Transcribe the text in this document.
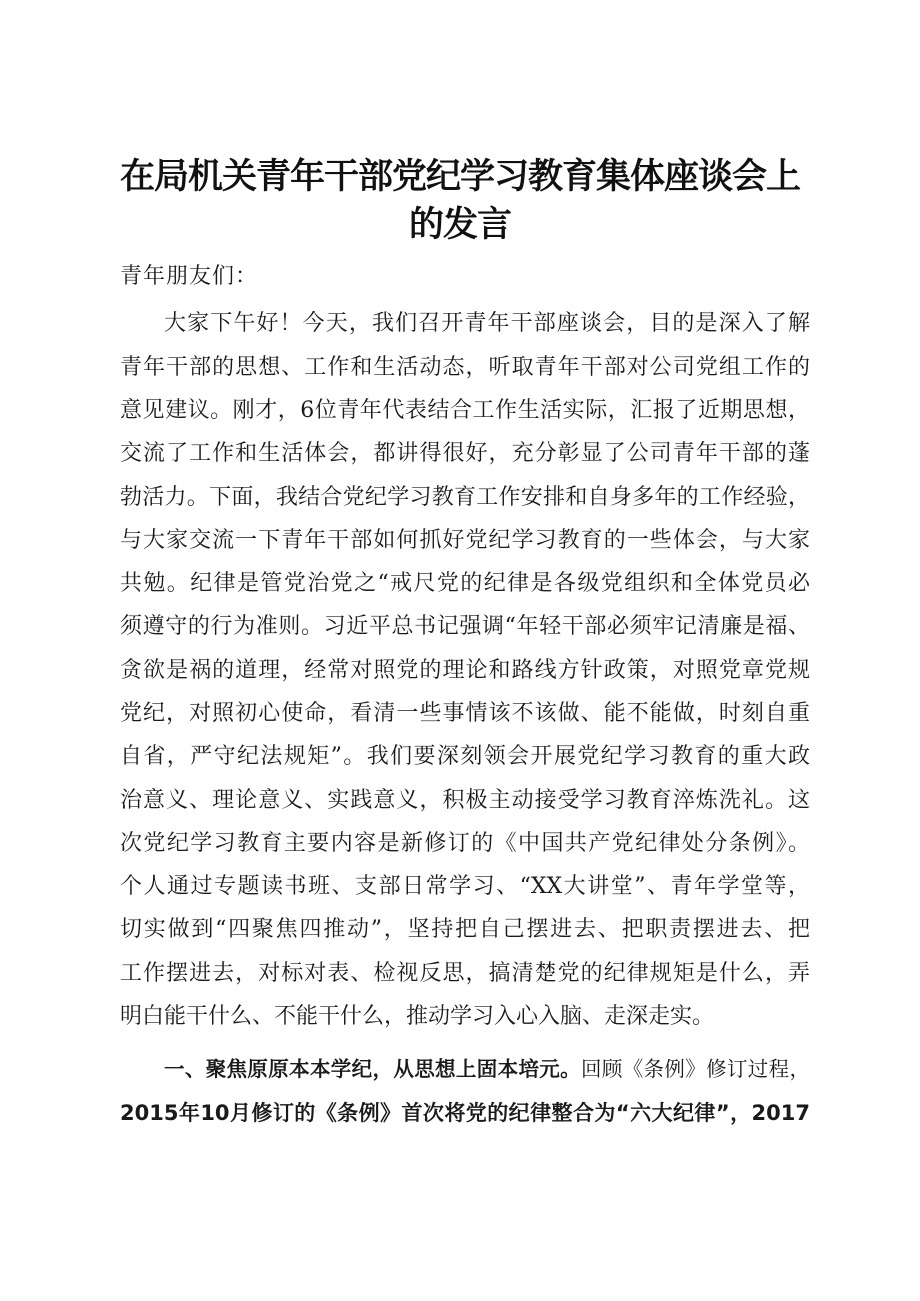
在局机关青年干部党纪学习教育集体座谈会上
的发言
青年朋友们：
大家下午好！今天，我们召开青年干部座谈会，目的是深入了解
青年干部的思想、工作和生活动态，听取青年干部对公司党组工作的
意见建议。刚才，6位青年代表结合工作生活实际，汇报了近期思想，
交流了工作和生活体会，都讲得很好，充分彰显了公司青年干部的蓬
勃活力。下面，我结合党纪学习教育工作安排和自身多年的工作经验，
与大家交流一下青年干部如何抓好党纪学习教育的一些体会，与大家
共勉。纪律是管党治党之“戒尺党的纪律是各级党组织和全体党员必
须遵守的行为准则。习近平总书记强调“年轻干部必须牢记清廉是福、
贪欲是祸的道理，经常对照党的理论和路线方针政策，对照党章党规
党纪，对照初心使命，看清一些事情该不该做、能不能做，时刻自重
自省，严守纪法规矩”。我们要深刻领会开展党纪学习教育的重大政
治意义、理论意义、实践意义，积极主动接受学习教育淬炼洗礼。这
次党纪学习教育主要内容是新修订的《中国共产党纪律处分条例》。
个人通过专题读书班、支部日常学习、“XX大讲堂”、青年学堂等，
切实做到“四聚焦四推动”，坚持把自己摆进去、把职责摆进去、把
工作摆进去，对标对表、检视反思，搞清楚党的纪律规矩是什么，弄
明白能干什么、不能干什么，推动学习入心入脑、走深走实。
一、聚焦原原本本学纪，从思想上固本培元。回顾《条例》修订过程，
2015年10月修订的《条例》首次将党的纪律整合为“六大纪律”，2017
